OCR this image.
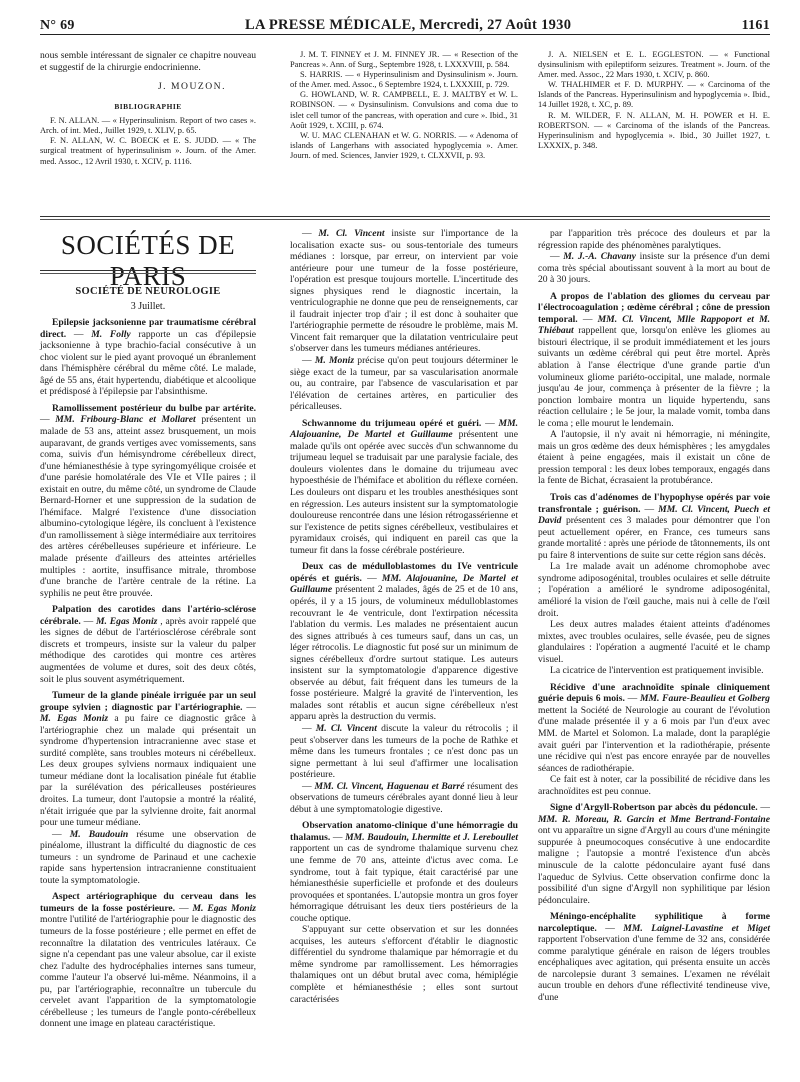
N° 69	LA PRESSE MÉDICALE, Mercredi, 27 Août 1930	1161

nous semble intéressant de signaler ce chapitre nouveau et suggestif de la chirurgie endocrinienne.

J. MOUZON.

BIBLIOGRAPHIE

F. N. ALLAN. — « Hyperinsulinism. Report of two cases ». Arch. of int. Med., Juillet 1929, t. XLIV, p. 65.

F. N. ALLAN, W. C. BOECK et E. S. JUDD. — « The surgical treatment of hyperinsulinism ». Journ. of the Amer. med. Assoc., 12 Avril 1930, t. XCIV, p. 1116.

J. M. T. FINNEY et J. M. FINNEY JR. — « Resection of the Pancreas ». Ann. of Surg., Septembre 1928, t. LXXXVIII, p. 584.

S. HARRIS. — « Hyperinsulinism and Dysinsulinism ». Journ. of the Amer. med. Assoc., 6 Septembre 1924, t. LXXXIII, p. 729.

G. HOWLAND, W. R. CAMPBELL, E. J. MALTBY et W. L. ROBINSON. — « Dysinsulinism. Convulsions and coma due to islet cell tumor of the pancreas, with operation and cure ». Ibid., 31 Août 1929, t. XCIII, p. 674.

W. U. MAC CLENAHAN et W. G. NORRIS. — « Adenoma of islands of Langerhans with associated hypoglycemia ». Amer. Journ. of med. Sciences, Janvier 1929, t. CLXXVII, p. 93.

J. A. NIELSEN et E. L. EGGLESTON. — « Functional dysinsulinism with epileptiform seizures. Treatment ». Journ. of the Amer. med. Assoc., 22 Mars 1930, t. XCIV, p. 860.

W. THALHIMER et F. D. MURPHY. — « Carcinoma of the Islands of the Pancreas. Hyperinsulinism and hypoglycemia ». Ibid., 14 Juillet 1928, t. XC, p. 89.

R. M. WILDER, F. N. ALLAN, M. H. POWER et H. E. ROBERTSON. — « Carcinoma of the islands of the Pancreas. Hyperinsulinism and hypoglycemia ». Ibid., 30 Juillet 1927, t. LXXXIX, p. 348.

SOCIÉTÉS DE PARIS

SOCIÉTÉ DE NEUROLOGIE

3 Juillet.

Epilepsie jacksonienne par traumatisme cérébral direct. — M. Folly rapporte un cas d'épilepsie jacksonienne à type brachio-facial consécutive à un choc violent sur le pied ayant provoqué un ébranlement dans l'hémisphère cérébral du même côté. Le malade, âgé de 55 ans, était hypertendu, diabétique et alcoolique et prédisposé à l'épilepsie par l'absinthisme.

Ramollissement postérieur du bulbe par artérite. — MM. Fribourg-Blanc et Mollaret présentent un malade de 53 ans, atteint assez brusquement, un mois auparavant, de grands vertiges avec vomissements, sans coma, suivis d'un hémisyndrome cérébelleux direct, d'une hémianesthésie à type syringomyélique croisée et d'une parésie homolatérale des VIe et VIIe paires ; il existait en outre, du même côté, un syndrome de Claude Bernard-Horner et une suppression de la sudation de l'hémiface. Malgré l'existence d'une dissociation albumino-cytologique légère, ils concluent à l'existence d'un ramollissement à siège intermédiaire aux territoires des artères cérébelleuses supérieure et inférieure. Le malade présente d'ailleurs des atteintes artérielles multiples : aortite, insuffisance mitrale, thrombose d'une branche de l'artère centrale de la rétine. La syphilis ne peut être prouvée.

Palpation des carotides dans l'artério-sclérose cérébrale. — M. Egas Moniz , après avoir rappelé que les signes de début de l'artériosclérose cérébrale sont discrets et trompeurs, insiste sur la valeur du palper méthodique des carotides qui montre ces artères augmentées de volume et dures, soit des deux côtés, soit le plus souvent asymétriquement.

Tumeur de la glande pinéale irriguée par un seul groupe sylvien ; diagnostic par l'artériographie. — M. Egas Moniz a pu faire ce diagnostic grâce à l'artériographie chez un malade qui présentait un syndrome d'hypertension intracranienne avec stase et surdité complète, sans troubles moteurs ni cérébelleux. Les deux groupes sylviens normaux indiquaient une tumeur médiane dont la localisation pinéale fut établie par la surélévation des péricalleuses postérieures droites. La tumeur, dont l'autopsie a montré la réalité, n'était irriguée que par la sylvienne droite, fait anormal pour une tumeur médiane.

— M. Baudouin résume une observation de pinéalome, illustrant la difficulté du diagnostic de ces tumeurs : un syndrome de Parinaud et une cachexie rapide sans hypertension intracranienne constituaient toute la symptomatologie.

Aspect artériographique du cerveau dans les tumeurs de la fosse postérieure. — M. Egas Moniz montre l'utilité de l'artériographie pour le diagnostic des tumeurs de la fosse postérieure ; elle permet en effet de reconnaître la dilatation des ventricules latéraux. Ce signe n'a cependant pas une valeur absolue, car il existe chez l'adulte des hydrocéphalies internes sans tumeur, comme l'auteur l'a observé lui-même. Néanmoins, il a pu, par l'artériographie, reconnaître un tubercule du cervelet avant l'apparition de la symptomatologie cérébelleuse ; les tumeurs de l'angle ponto-cérébelleux donnent une image en plateau caractéristique.

— M. Cl. Vincent insiste sur l'importance de la localisation exacte sus- ou sous-tentoriale des tumeurs médianes : lorsque, par erreur, on intervient par voie antérieure pour une tumeur de la fosse postérieure, l'opération est presque toujours mortelle. L'incertitude des signes physiques rend le diagnostic incertain, la ventriculographie ne donne que peu de renseignements, car il faudrait injecter trop d'air ; il est donc à souhaiter que l'artériographie permette de résoudre le problème, mais M. Vincent fait remarquer que la dilatation ventriculaire peut s'observer dans les tumeurs médianes antérieures.

— M. Moniz précise qu'on peut toujours déterminer le siège exact de la tumeur, par sa vascularisation anormale ou, au contraire, par l'absence de vascularisation et par l'élévation de certaines artères, en particulier des péricalleuses.

Schwannome du trijumeau opéré et guéri. — MM. Alajouanine, De Martel et Guillaume présentent une malade qu'ils ont opérée avec succès d'un schwannome du trijumeau lequel se traduisait par une paralysie faciale, des douleurs violentes dans le domaine du trijumeau avec hypoesthésie de l'hémiface et abolition du réflexe cornéen. Les douleurs ont disparu et les troubles anesthésiques sont en régression. Les auteurs insistent sur la symptomatologie douloureuse rencontrée dans une lésion rétrogassérienne et sur l'existence de petits signes cérébelleux, vestibulaires et pyramidaux croisés, qui indiquent en pareil cas que la tumeur fit dans la fosse cérébrale postérieure.

Deux cas de médulloblastomes du IVe ventricule opérés et guéris. — MM. Alajouanine, De Martel et Guillaume présentent 2 malades, âgés de 25 et de 10 ans, opérés, il y a 15 jours, de volumineux médulloblastomes recouvrant le 4e ventricule, dont l'extirpation nécessita l'ablation du vermis. Les malades ne présentaient aucun des signes attribués à ces tumeurs sauf, dans un cas, un léger rétrocolis. Le diagnostic fut posé sur un minimum de signes cérébelleux d'ordre surtout statique. Les auteurs insistent sur la symptomatologie d'apparence digestive observée au début, fait fréquent dans les tumeurs de la fosse postérieure. Malgré la gravité de l'intervention, les malades sont rétablis et aucun signe cérébelleux n'est apparu après la destruction du vermis.

— M. Cl. Vincent discute la valeur du rétrocolis ; il peut s'observer dans les tumeurs de la poche de Rathke et même dans les tumeurs frontales ; ce n'est donc pas un signe permettant à lui seul d'affirmer une localisation postérieure.

— MM. Cl. Vincent, Haguenau et Barré résument des observations de tumeurs cérébrales ayant donné lieu à leur début à une symptomatologie digestive.

Observation anatomo-clinique d'une hémorragie du thalamus. — MM. Baudouin, Lhermitte et J. Lereboullet rapportent un cas de syndrome thalamique survenu chez une femme de 70 ans, atteinte d'ictus avec coma. Le syndrome, tout à fait typique, était caractérisé par une hémianesthésie superficielle et profonde et des douleurs provoquées et spontanées. L'autopsie montra un gros foyer hémorragique détruisant les deux tiers postérieurs de la couche optique.

S'appuyant sur cette observation et sur les données acquises, les auteurs s'efforcent d'établir le diagnostic différentiel du syndrome thalamique par hémorragie et du même syndrome par ramollissement. Les hémorragies thalamiques ont un début brutal avec coma, hémiplégie complète et hémianesthésie ; elles sont surtout caractérisées

par l'apparition très précoce des douleurs et par la régression rapide des phénomènes paralytiques.

— M. J.-A. Chavany insiste sur la présence d'un demi coma très spécial aboutissant souvent à la mort au bout de 20 à 30 jours.

A propos de l'ablation des gliomes du cerveau par l'électrocoagulation ; œdème cérébral ; cône de pression temporal. — MM. Cl. Vincent, Mlle Rappoport et M. Thiébaut rappellent que, lorsqu'on enlève les gliomes au bistouri électrique, il se produit immédiatement et les jours suivants un œdème cérébral qui peut être mortel. Après ablation à l'anse électrique d'une grande partie d'un volumineux gliome pariéto-occipital, une malade, normale jusqu'au 4e jour, commença à présenter de la fièvre ; la ponction lombaire montra un liquide hypertendu, sans réaction cellulaire ; le 5e jour, la malade vomit, tomba dans le coma ; elle mourut le lendemain.

A l'autopsie, il n'y avait ni hémorragie, ni méningite, mais un gros œdème des deux hémisphères ; les amygdales étaient à peine engagées, mais il existait un cône de pression temporal : les deux lobes temporaux, engagés dans la fente de Bichat, écrasaient la protubérance.

Trois cas d'adénomes de l'hypophyse opérés par voie transfrontale ; guérison. — MM. Cl. Vincent, Puech et David présentent ces 3 malades pour démontrer que l'on peut actuellement opérer, en France, ces tumeurs sans grande mortalité : après une période de tâtonnements, ils ont pu faire 8 interventions de suite sur cette région sans décès.

La 1re malade avait un adénome chromophobe avec syndrome adiposogénital, troubles oculaires et selle détruite ; l'opération a amélioré le syndrome adiposogénital, amélioré la vision de l'œil gauche, mais nui à celle de l'œil droit.

Les deux autres malades étaient atteints d'adénomes mixtes, avec troubles oculaires, selle évasée, peu de signes glandulaires : l'opération a augmenté l'acuité et le champ visuel.

La cicatrice de l'intervention est pratiquement invisible.

Récidive d'une arachnoïdite spinale cliniquement guérie depuis 6 mois. — MM. Faure-Beaulieu et Golberg mettent la Société de Neurologie au courant de l'évolution d'une malade présentée il y a 6 mois par l'un d'eux avec MM. de Martel et Solomon. La malade, dont la paraplégie avait guéri par l'intervention et la radiothérapie, présente une récidive qui n'est pas encore enrayée par de nouvelles séances de radiothérapie.

Ce fait est à noter, car la possibilité de récidive dans les arachnoïdites est peu connue.

Signe d'Argyll-Robertson par abcès du pédoncule. — MM. R. Moreau, R. Garcin et Mme Bertrand-Fontaine ont vu apparaître un signe d'Argyll au cours d'une méningite suppurée à pneumocoques consécutive à une endocardite maligne ; l'autopsie a montré l'existence d'un abcès minuscule de la calotte pédonculaire ayant fusé dans l'aqueduc de Sylvius. Cette observation confirme donc la possibilité d'un signe d'Argyll non syphilitique par lésion pédonculaire.

Méningo-encéphalite syphilitique à forme narcoleptique. — MM. Laignel-Lavastine et Miget rapportent l'observation d'une femme de 32 ans, considérée comme paralytique générale en raison de légers troubles encéphaliques avec agitation, qui présenta ensuite un accès de narcolepsie durant 3 semaines. L'examen ne révélait aucun trouble en dehors d'une réflectivité tendineuse vive, d'une
